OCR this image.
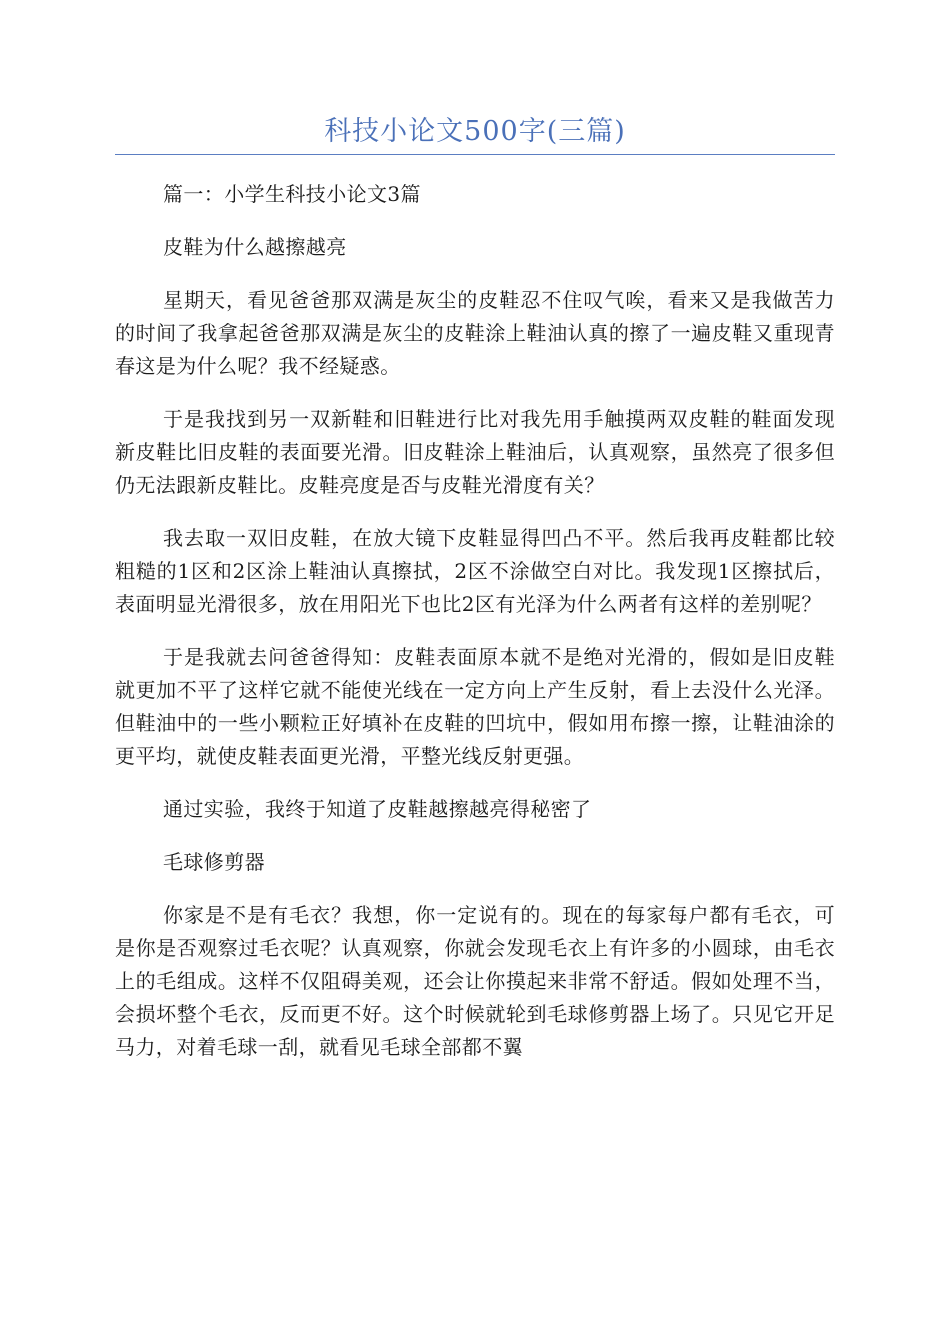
科技小论文500字(三篇)

篇一：小学生科技小论文3篇

皮鞋为什么越擦越亮

星期天，看见爸爸那双满是灰尘的皮鞋忍不住叹气唉，看来又是我做苦力的时间了我拿起爸爸那双满是灰尘的皮鞋涂上鞋油认真的擦了一遍皮鞋又重现青春这是为什么呢？我不经疑惑。

于是我找到另一双新鞋和旧鞋进行比对我先用手触摸两双皮鞋的鞋面发现新皮鞋比旧皮鞋的表面要光滑。旧皮鞋涂上鞋油后，认真观察，虽然亮了很多但仍无法跟新皮鞋比。皮鞋亮度是否与皮鞋光滑度有关？

我去取一双旧皮鞋，在放大镜下皮鞋显得凹凸不平。然后我再皮鞋都比较粗糙的1区和2区涂上鞋油认真擦拭，2区不涂做空白对比。我发现1区擦拭后，表面明显光滑很多，放在用阳光下也比2区有光泽为什么两者有这样的差别呢？

于是我就去问爸爸得知：皮鞋表面原本就不是绝对光滑的，假如是旧皮鞋就更加不平了这样它就不能使光线在一定方向上产生反射，看上去没什么光泽。但鞋油中的一些小颗粒正好填补在皮鞋的凹坑中，假如用布擦一擦，让鞋油涂的更平均，就使皮鞋表面更光滑，平整光线反射更强。

通过实验，我终于知道了皮鞋越擦越亮得秘密了

毛球修剪器

你家是不是有毛衣？我想，你一定说有的。现在的每家每户都有毛衣，可是你是否观察过毛衣呢？认真观察，你就会发现毛衣上有许多的小圆球，由毛衣上的毛组成。这样不仅阻碍美观，还会让你摸起来非常不舒适。假如处理不当，会损坏整个毛衣，反而更不好。这个时候就轮到毛球修剪器上场了。只见它开足马力，对着毛球一刮，就看见毛球全部都不翼
